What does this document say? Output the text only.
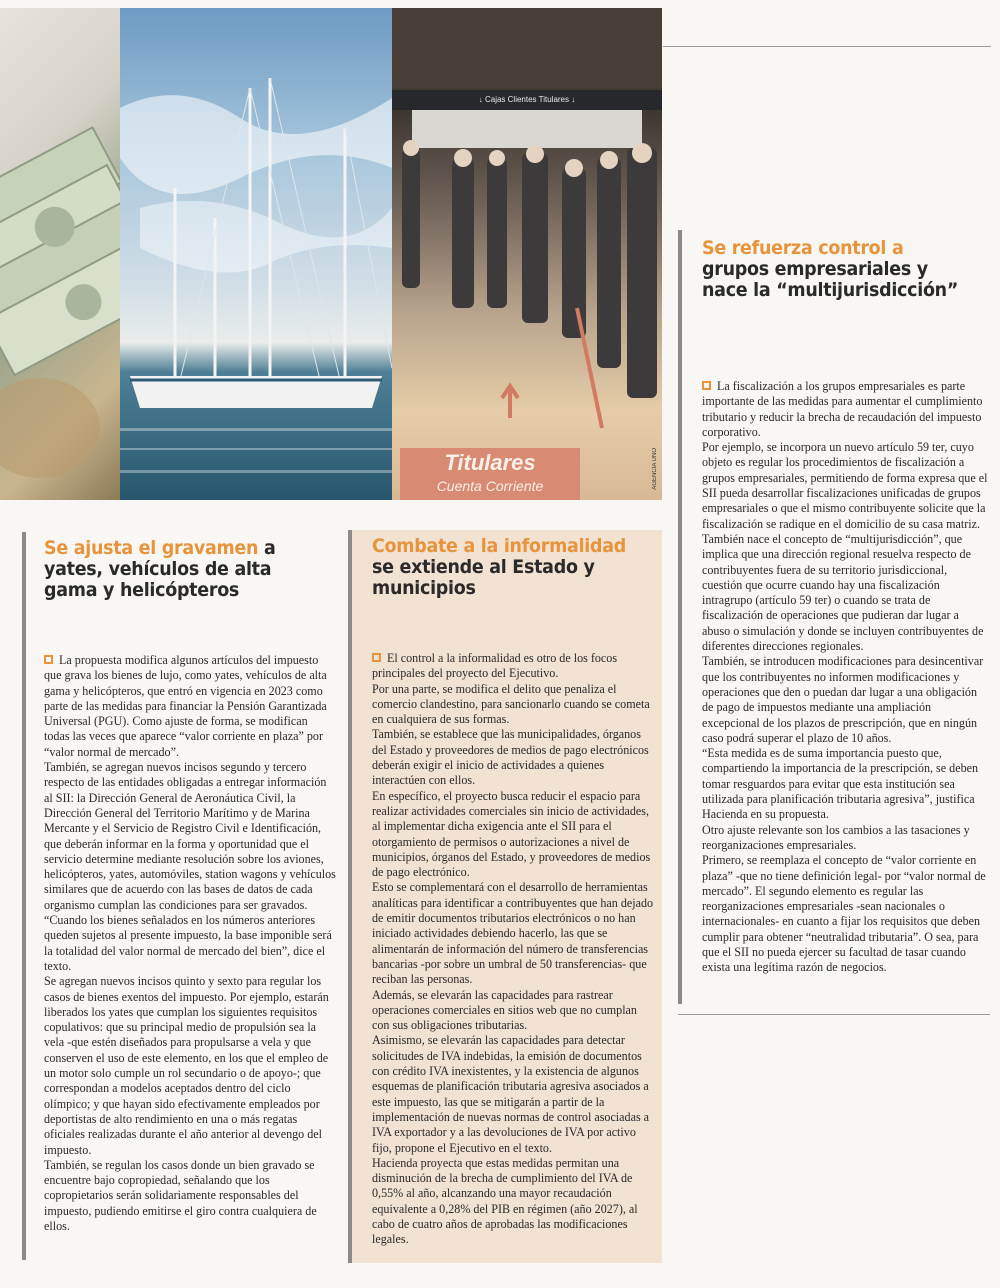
↓ Cajas Clientes Titulares ↓
Titulares
Cuenta Corriente	AGENCIA UNO
Se ajusta el gravamen a yates, vehículos de alta gama y helicópteros

La propuesta modifica algunos artículos del impuesto que grava los bienes de lujo, como yates, vehículos de alta gama y helicópteros, que entró en vigencia en 2023 como parte de las medidas para financiar la Pensión Garantizada Universal (PGU). Como ajuste de forma, se modifican todas las veces que aparece “valor corriente en plaza” por “valor normal de mercado”.

También, se agregan nuevos incisos segundo y tercero respecto de las entidades obligadas a entregar información al SII: la Dirección General de Aeronáutica Civil, la Dirección General del Territorio Marítimo y de Marina Mercante y el Servicio de Registro Civil e Identificación, que deberán informar en la forma y oportunidad que el servicio determine mediante resolución sobre los aviones, helicópteros, yates, automóviles, station wagons y vehículos similares que de acuerdo con las bases de datos de cada organismo cumplan las condiciones para ser gravados.

“Cuando los bienes señalados en los números anteriores queden sujetos al presente impuesto, la base imponible será la totalidad del valor normal de mercado del bien”, dice el texto.

Se agregan nuevos incisos quinto y sexto para regular los casos de bienes exentos del impuesto. Por ejemplo, estarán liberados los yates que cumplan los siguientes requisitos copulativos: que su principal medio de propulsión sea la vela -que estén diseñados para propulsarse a vela y que conserven el uso de este elemento, en los que el empleo de un motor solo cumple un rol secundario o de apoyo-; que correspondan a modelos aceptados dentro del ciclo olímpico; y que hayan sido efectivamente empleados por deportistas de alto rendimiento en una o más regatas oficiales realizadas durante el año anterior al devengo del impuesto.

También, se regulan los casos donde un bien gravado se encuentre bajo copropiedad, señalando que los copropietarios serán solidariamente responsables del impuesto, pudiendo emitirse el giro contra cualquiera de ellos.

Combate a la informalidad se extiende al Estado y municipios

El control a la informalidad es otro de los focos principales del proyecto del Ejecutivo.

Por una parte, se modifica el delito que penaliza el comercio clandestino, para sancionarlo cuando se cometa en cualquiera de sus formas.

También, se establece que las municipalidades, órganos del Estado y proveedores de medios de pago electrónicos deberán exigir el inicio de actividades a quienes interactúen con ellos.

En específico, el proyecto busca reducir el espacio para realizar actividades comerciales sin inicio de actividades, al implementar dicha exigencia ante el SII para el otorgamiento de permisos o autorizaciones a nivel de municipios, órganos del Estado, y proveedores de medios de pago electrónico.

Esto se complementará con el desarrollo de herramientas analíticas para identificar a contribuyentes que han dejado de emitir documentos tributarios electrónicos o no han iniciado actividades debiendo hacerlo, las que se alimentarán de información del número de transferencias bancarias -por sobre un umbral de 50 transferencias- que reciban las personas.

Además, se elevarán las capacidades para rastrear operaciones comerciales en sitios web que no cumplan con sus obligaciones tributarias.

Asimismo, se elevarán las capacidades para detectar solicitudes de IVA indebidas, la emisión de documentos con crédito IVA inexistentes, y la existencia de algunos esquemas de planificación tributaria agresiva asociados a este impuesto, las que se mitigarán a partir de la implementación de nuevas normas de control asociadas a IVA exportador y a las devoluciones de IVA por activo fijo, propone el Ejecutivo en el texto.

Hacienda proyecta que estas medidas permitan una disminución de la brecha de cumplimiento del IVA de 0,55% al año, alcanzando una mayor recaudación equivalente a 0,28% del PIB en régimen (año 2027), al cabo de cuatro años de aprobadas las modificaciones legales.

Se refuerza control a grupos empresariales y nace la “multijurisdicción”

La fiscalización a los grupos empresariales es parte importante de las medidas para aumentar el cumplimiento tributario y reducir la brecha de recaudación del impuesto corporativo.

Por ejemplo, se incorpora un nuevo artículo 59 ter, cuyo objeto es regular los procedimientos de fiscalización a grupos empresariales, permitiendo de forma expresa que el SII pueda desarrollar fiscalizaciones unificadas de grupos empresariales o que el mismo contribuyente solicite que la fiscalización se radique en el domicilio de su casa matriz.

También nace el concepto de “multijurisdicción”, que implica que una dirección regional resuelva respecto de contribuyentes fuera de su territorio jurisdiccional, cuestión que ocurre cuando hay una fiscalización intragrupo (artículo 59 ter) o cuando se trata de fiscalización de operaciones que pudieran dar lugar a abuso o simulación y donde se incluyen contribuyentes de diferentes direcciones regionales.

También, se introducen modificaciones para desincentivar que los contribuyentes no informen modificaciones y operaciones que den o puedan dar lugar a una obligación de pago de impuestos mediante una ampliación excepcional de los plazos de prescripción, que en ningún caso podrá superar el plazo de 10 años.

“Esta medida es de suma importancia puesto que, compartiendo la importancia de la prescripción, se deben tomar resguardos para evitar que esta institución sea utilizada para planificación tributaria agresiva”, justifica Hacienda en su propuesta.

Otro ajuste relevante son los cambios a las tasaciones y reorganizaciones empresariales.

Primero, se reemplaza el concepto de “valor corriente en plaza” -que no tiene definición legal- por “valor normal de mercado”. El segundo elemento es regular las reorganizaciones empresariales -sean nacionales o internacionales- en cuanto a fijar los requisitos que deben cumplir para obtener “neutralidad tributaria”. O sea, para que el SII no pueda ejercer su facultad de tasar cuando exista una legítima razón de negocios.
